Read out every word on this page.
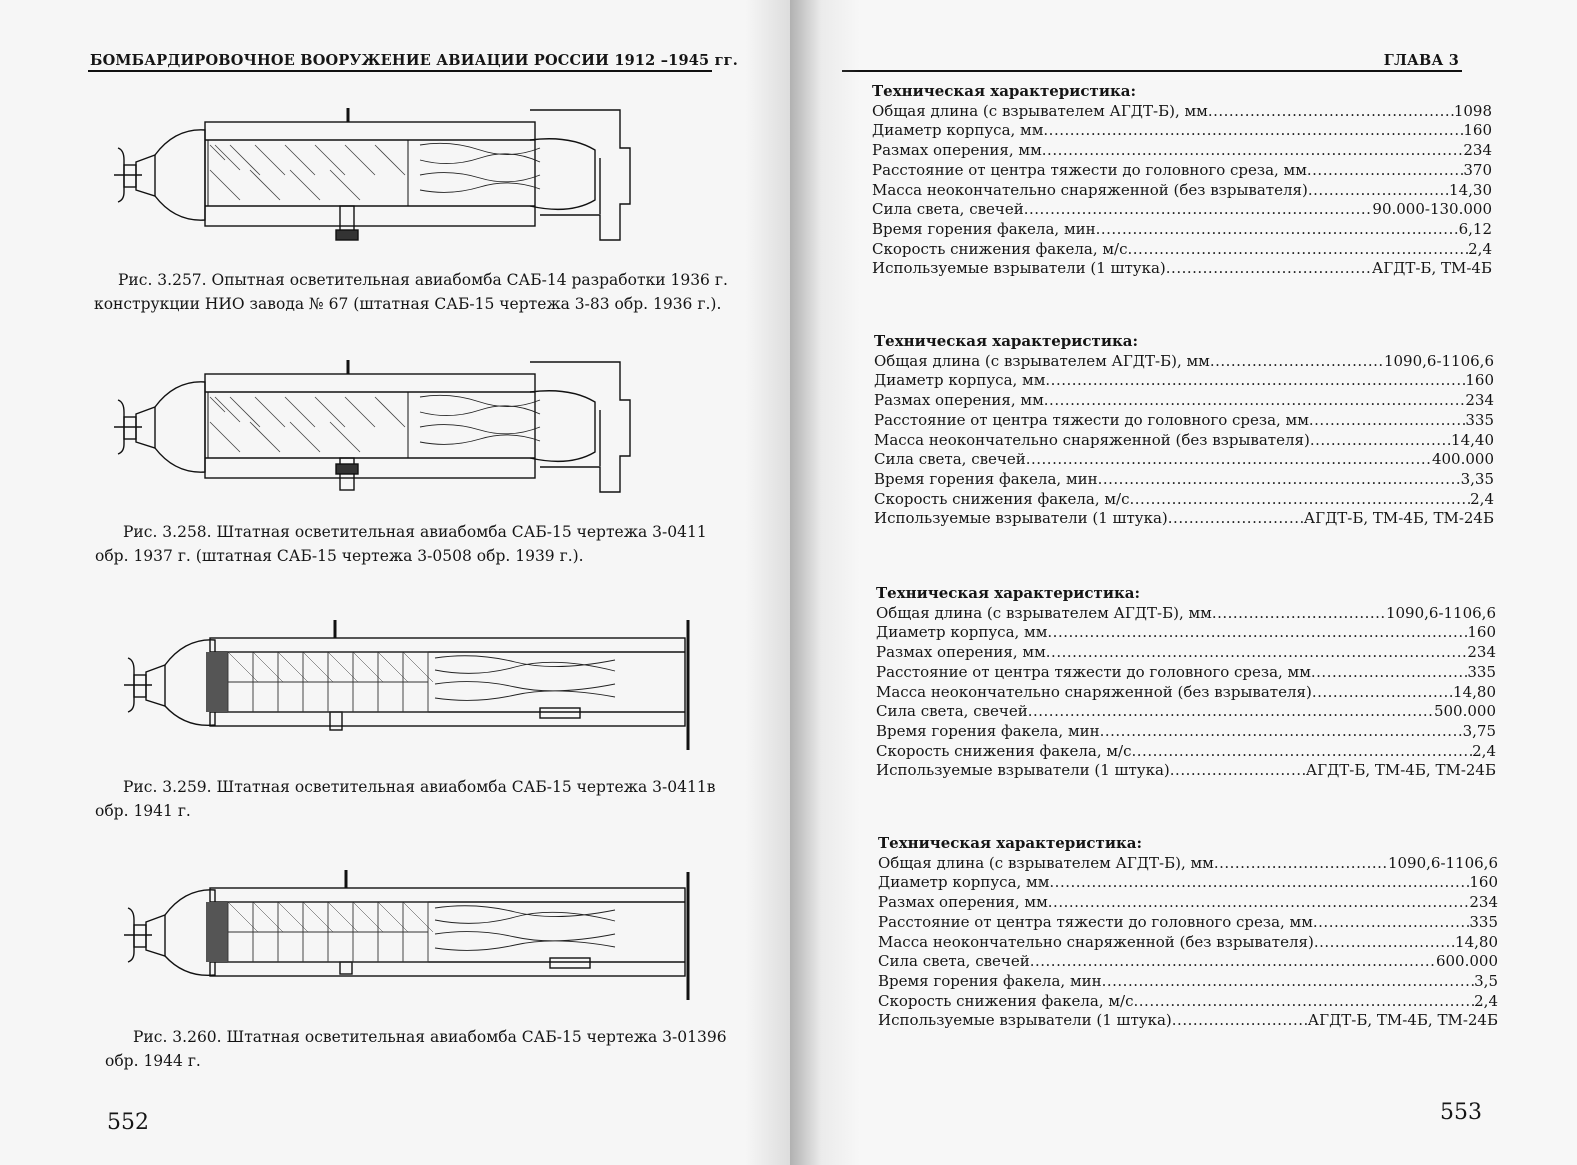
БОМБАРДИРОВОЧНОЕ ВООРУЖЕНИЕ АВИАЦИИ РОССИИ 1912 –1945 гг.
Рис. 3.257. Опытная осветительная авиабомба САБ-14 разработки 1936 г.
конструкции НИО завода № 67 (штатная САБ-15 чертежа 3-83 обр. 1936 г.).
Рис. 3.258. Штатная осветительная авиабомба САБ-15 чертежа 3-0411
обр. 1937 г. (штатная САБ-15 чертежа 3-0508 обр. 1939 г.).
Рис. 3.259. Штатная осветительная авиабомба САБ-15 чертежа 3-0411в
обр. 1941 г.
Рис. 3.260. Штатная осветительная авиабомба САБ-15 чертежа 3-01396
обр. 1944 г.
552
ГЛАВА 3
Техническая характеристика:
Общая длина (с взрывателем АГДТ-Б), мм .....	1098
Диаметр корпуса, мм .....	160
Размах оперения, мм .....	234
Расстояние от центра тяжести до головного среза, мм .....	370
Масса неокончательно снаряженной (без взрывателя) .....	14,30
Сила света, свечей .....	90.000-130.000
Время горения факела, мин .....	6,12
Скорость снижения факела, м/с .....	2,4
Используемые взрыватели (1 штука) .....	АГДТ-Б, ТМ-4Б
Техническая характеристика:
Общая длина (с взрывателем АГДТ-Б), мм .....	1090,6-1106,6
Диаметр корпуса, мм .....	160
Размах оперения, мм .....	234
Расстояние от центра тяжести до головного среза, мм .....	335
Масса неокончательно снаряженной (без взрывателя) .....	14,40
Сила света, свечей .....	400.000
Время горения факела, мин .....	3,35
Скорость снижения факела, м/с .....	2,4
Используемые взрыватели (1 штука) .....	АГДТ-Б, ТМ-4Б, ТМ-24Б
Техническая характеристика:
Общая длина (с взрывателем АГДТ-Б), мм .....	1090,6-1106,6
Диаметр корпуса, мм .....	160
Размах оперения, мм .....	234
Расстояние от центра тяжести до головного среза, мм .....	335
Масса неокончательно снаряженной (без взрывателя) .....	14,80
Сила света, свечей .....	500.000
Время горения факела, мин .....	3,75
Скорость снижения факела, м/с .....	2,4
Используемые взрыватели (1 штука) .....	АГДТ-Б, ТМ-4Б, ТМ-24Б
Техническая характеристика:
Общая длина (с взрывателем АГДТ-Б), мм .....	1090,6-1106,6
Диаметр корпуса, мм .....	160
Размах оперения, мм .....	234
Расстояние от центра тяжести до головного среза, мм .....	335
Масса неокончательно снаряженной (без взрывателя) .....	14,80
Сила света, свечей .....	600.000
Время горения факела, мин .....	3,5
Скорость снижения факела, м/с .....	2,4
Используемые взрыватели (1 штука) .....	АГДТ-Б, ТМ-4Б, ТМ-24Б
553
